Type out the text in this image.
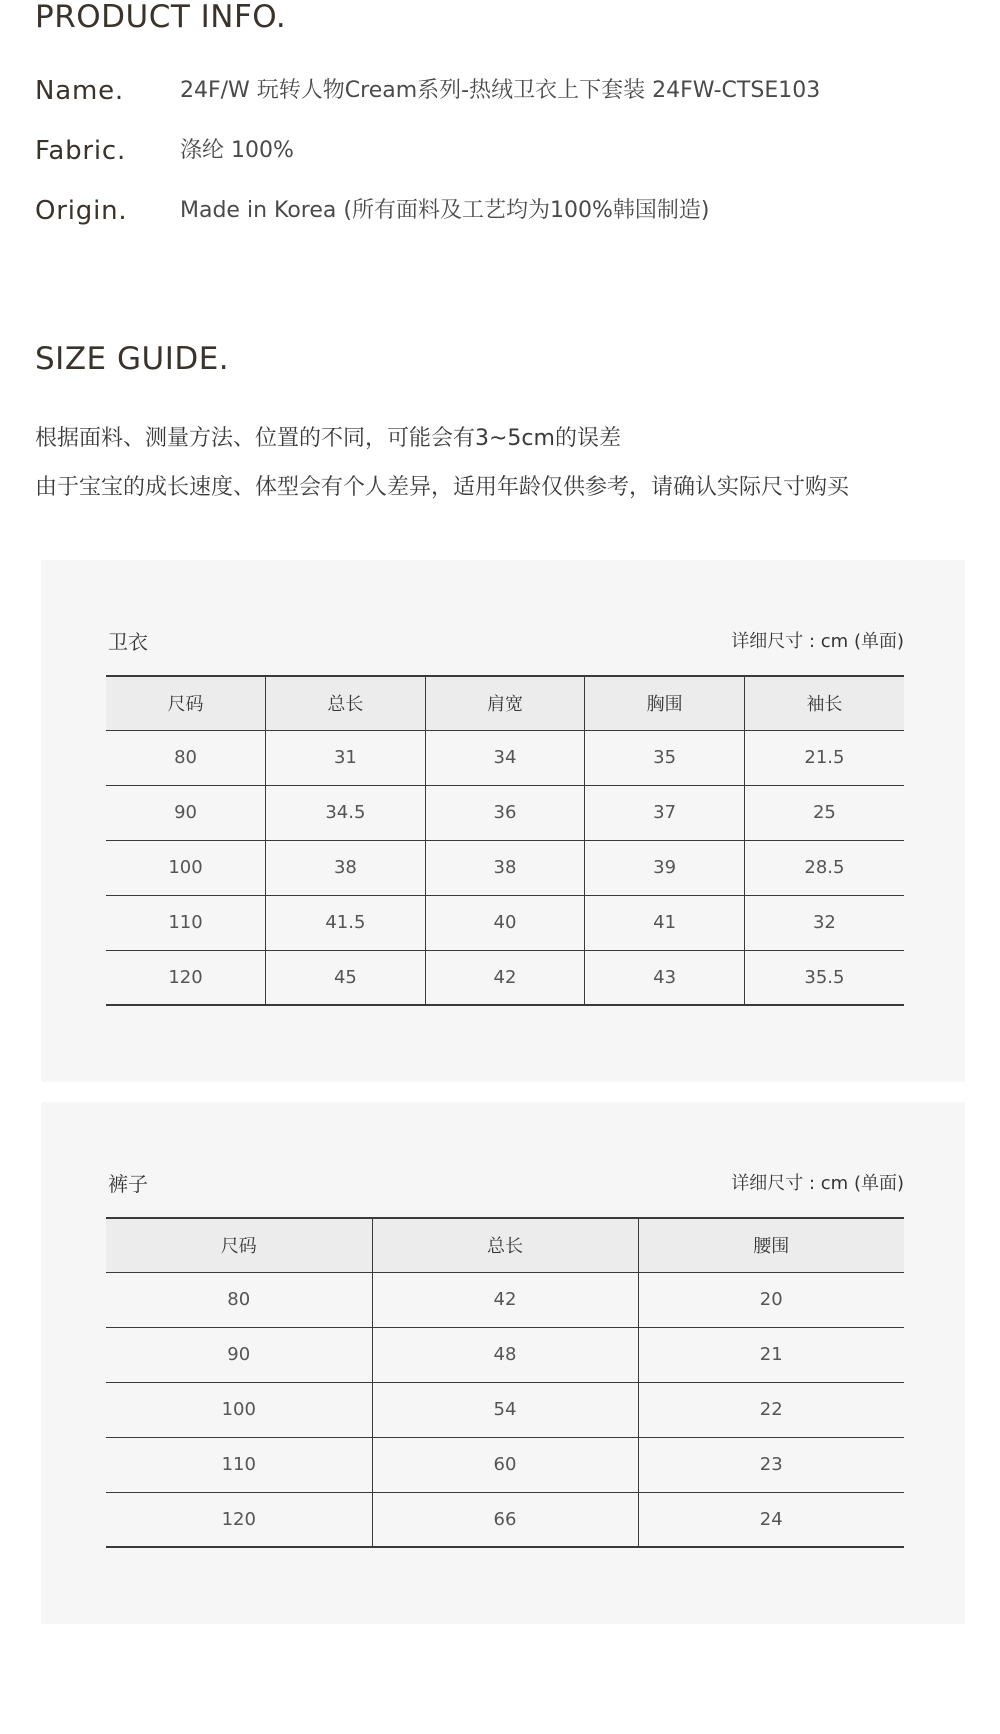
PRODUCT INFO.
Name.	24F/W 玩转人物Cream系列-热绒卫衣上下套装 24FW-CTSE103
Fabric. 涤纶 100%
Origin. Made in Korea (所有面料及工艺均为100%韩国制造)
SIZE GUIDE.
根据面料、测量方法、位置的不同，可能会有3~5cm的误差
由于宝宝的成长速度、体型会有个人差异，适用年龄仅供参考，请确认实际尺寸购买
卫衣	详细尺寸 : cm (单面)
尺码	总长	肩宽	胸围	袖长
80	31	34	35	21.5
90	34.5	36	37	25
100	38	38	39	28.5
110	41.5	40	41	32
120	45	42	43	35.5
裤子	详细尺寸 : cm (单面)
尺码	总长	腰围
80	42	20
90	48	21
100	54	22
110	60	23
120	66	24
